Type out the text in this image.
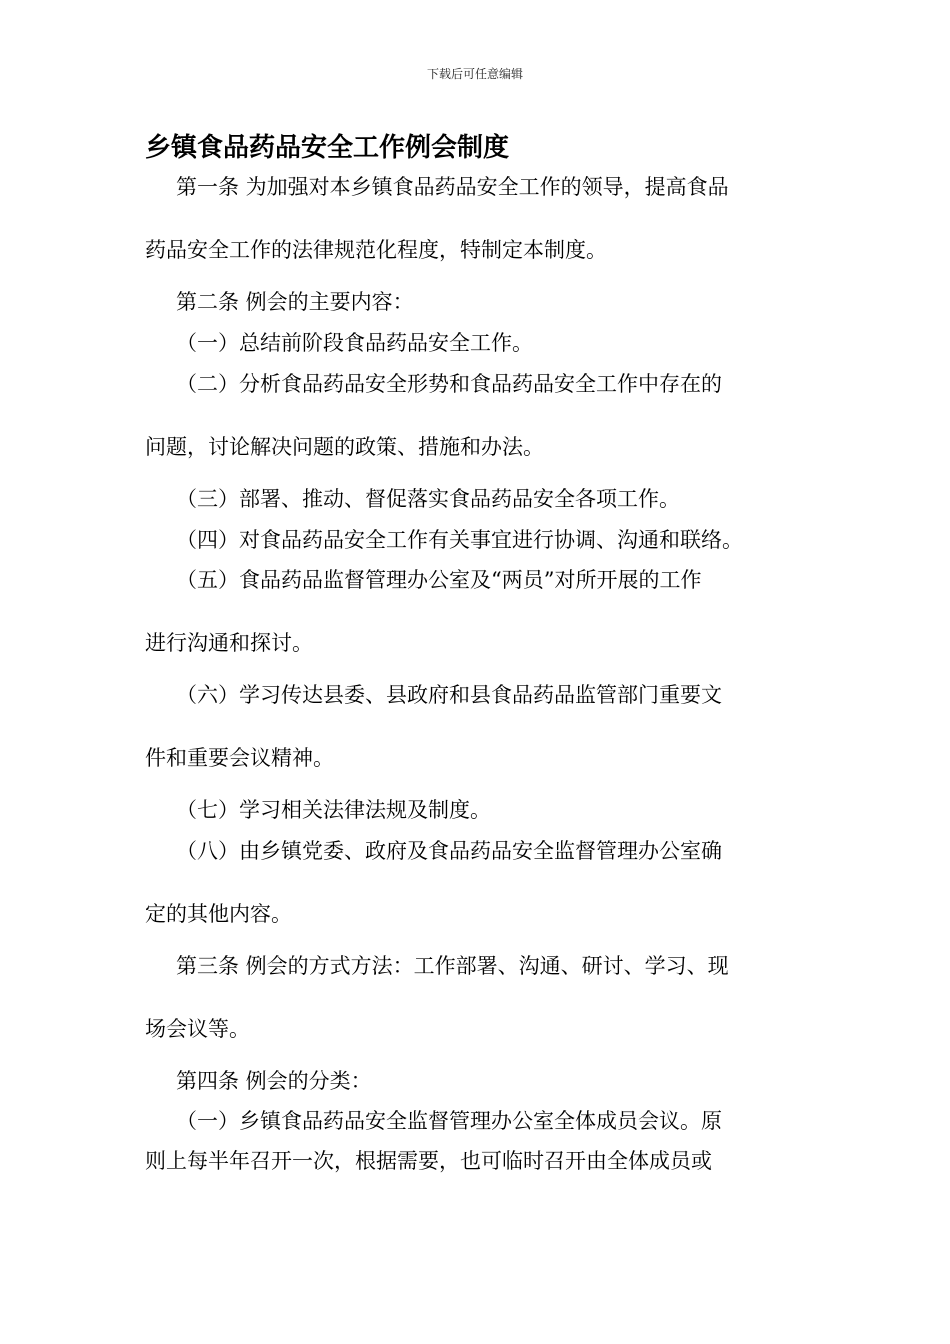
下载后可任意编辑
乡镇食品药品安全工作例会制度

第一条 为加强对本乡镇食品药品安全工作的领导，提高食品

药品安全工作的法律规范化程度，特制定本制度。

第二条 例会的主要内容：

（一）总结前阶段食品药品安全工作。

（二）分析食品药品安全形势和食品药品安全工作中存在的

问题，讨论解决问题的政策、措施和办法。

（三）部署、推动、督促落实食品药品安全各项工作。

（四）对食品药品安全工作有关事宜进行协调、沟通和联络。

（五）食品药品监督管理办公室及“两员”对所开展的工作

进行沟通和探讨。

（六）学习传达县委、县政府和县食品药品监管部门重要文

件和重要会议精神。

（七）学习相关法律法规及制度。

（八）由乡镇党委、政府及食品药品安全监督管理办公室确

定的其他内容。

第三条 例会的方式方法：工作部署、沟通、研讨、学习、现

场会议等。

第四条 例会的分类：

（一）乡镇食品药品安全监督管理办公室全体成员会议。原

则上每半年召开一次，根据需要，也可临时召开由全体成员或
